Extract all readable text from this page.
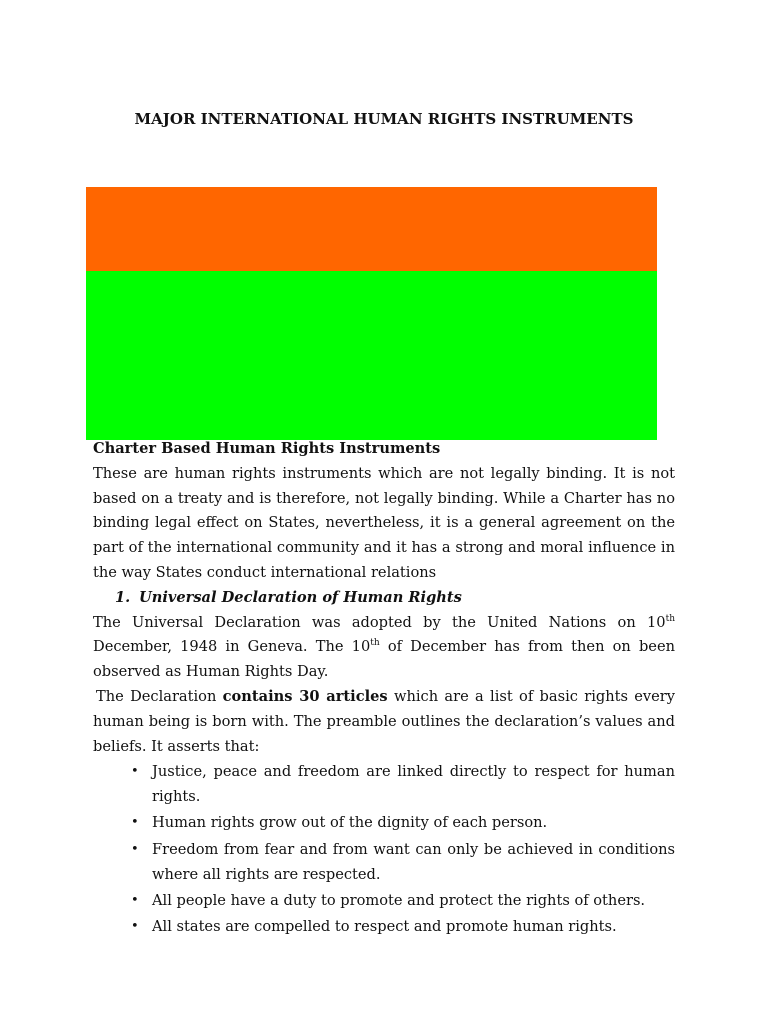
MAJOR INTERNATIONAL HUMAN RIGHTS INSTRUMENTS

Charter Based Human Rights Instruments

These are human rights instruments which are not legally binding. It is not based on a treaty and is therefore, not legally binding. While a Charter has no binding legal effect on States, nevertheless, it is a general agreement on the part of the international community and it has a strong and moral influence in the way States conduct international relations

1. Universal Declaration of Human Rights

The Universal Declaration was adopted by the United Nations on 10th December, 1948 in Geneva. The 10th of December has from then on been observed as Human Rights Day.

The Declaration contains 30 articles which are a list of basic rights every human being is born with. The preamble outlines the declaration’s values and beliefs. It asserts that:

• Justice, peace and freedom are linked directly to respect for human rights.
• Human rights grow out of the dignity of each person.
• Freedom from fear and from want can only be achieved in conditions where all rights are respected.
• All people have a duty to promote and protect the rights of others.
• All states are compelled to respect and promote human rights.
